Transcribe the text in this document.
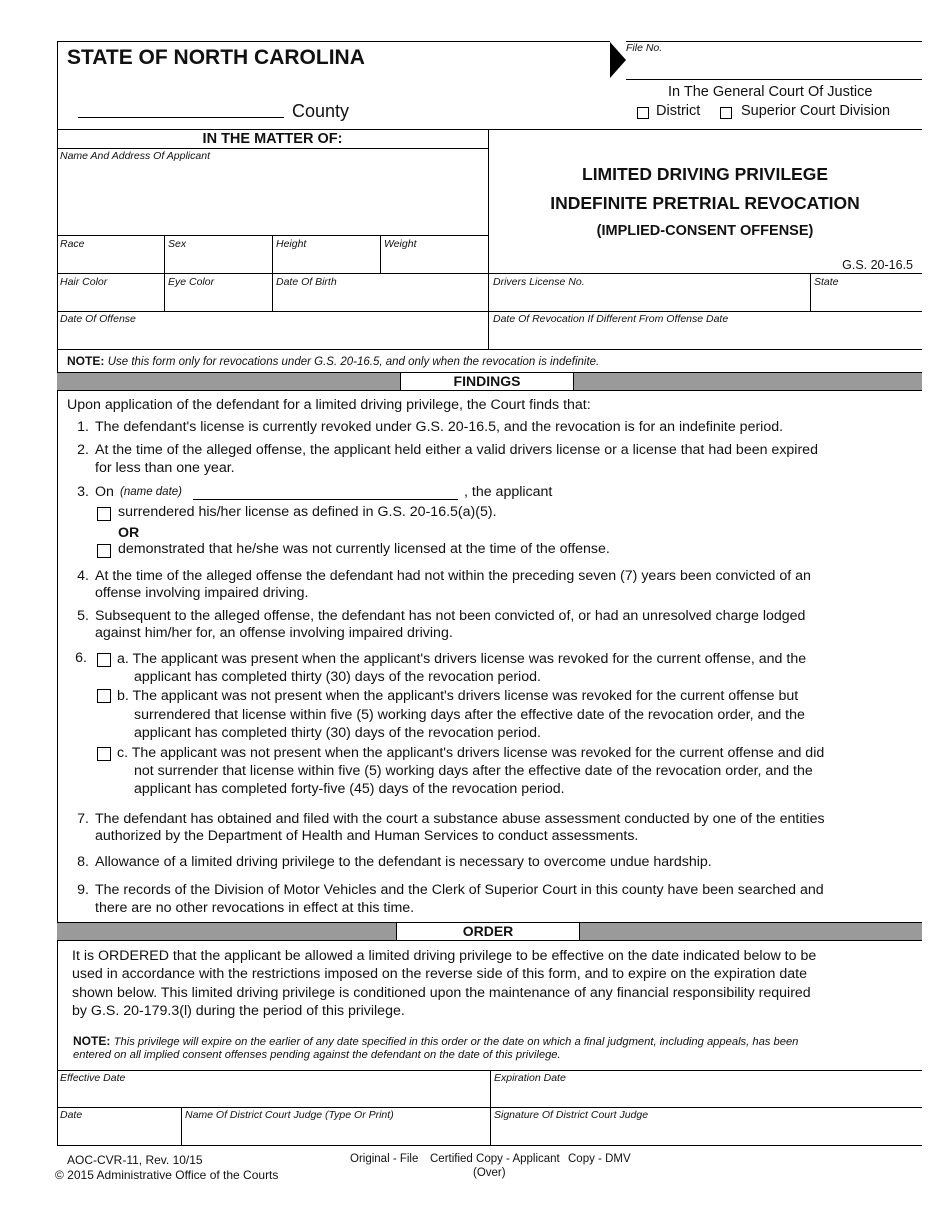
STATE OF NORTH CAROLINA	File No.
County
In The General Court Of Justice
District	Superior Court Division
IN THE MATTER OF:
Name And Address Of Applicant
Race	Sex	Height	Weight
Hair Color	Eye Color	Date Of Birth
Date Of Offense
LIMITED DRIVING PRIVILEGE
INDEFINITE PRETRIAL REVOCATION
(IMPLIED-CONSENT OFFENSE)
G.S. 20-16.5
Drivers License No.	State
Date Of Revocation If Different From Offense Date
NOTE: Use this form only for revocations under G.S. 20-16.5, and only when the revocation is indefinite.
FINDINGS
Upon application of the defendant for a limited driving privilege, the Court finds that:
1. The defendant's license is currently revoked under G.S. 20-16.5, and the revocation is for an indefinite period.
2. At the time of the alleged offense, the applicant held either a valid drivers license or a license that had been expired
for less than one year.
3. On (name date)	, the applicant
surrendered his/her license as defined in G.S. 20-16.5(a)(5).
OR
demonstrated that he/she was not currently licensed at the time of the offense.
4. At the time of the alleged offense the defendant had not within the preceding seven (7) years been convicted of an
offense involving impaired driving.
5. Subsequent to the alleged offense, the defendant has not been convicted of, or had an unresolved charge lodged
against him/her for, an offense involving impaired driving.
6. a. The applicant was present when the applicant's drivers license was revoked for the current offense, and the
applicant has completed thirty (30) days of the revocation period.
b. The applicant was not present when the applicant's drivers license was revoked for the current offense but
surrendered that license within five (5) working days after the effective date of the revocation order, and the
applicant has completed thirty (30) days of the revocation period.
c. The applicant was not present when the applicant's drivers license was revoked for the current offense and did
not surrender that license within five (5) working days after the effective date of the revocation order, and the
applicant has completed forty-five (45) days of the revocation period.
7. The defendant has obtained and filed with the court a substance abuse assessment conducted by one of the entities
authorized by the Department of Health and Human Services to conduct assessments.
8. Allowance of a limited driving privilege to the defendant is necessary to overcome undue hardship.
9. The records of the Division of Motor Vehicles and the Clerk of Superior Court in this county have been searched and
there are no other revocations in effect at this time.
ORDER
It is ORDERED that the applicant be allowed a limited driving privilege to be effective on the date indicated below to be
used in accordance with the restrictions imposed on the reverse side of this form, and to expire on the expiration date
shown below. This limited driving privilege is conditioned upon the maintenance of any financial responsibility required
by G.S. 20-179.3(l) during the period of this privilege.
NOTE: This privilege will expire on the earlier of any date specified in this order or the date on which a final judgment, including appeals, has been
entered on all implied consent offenses pending against the defendant on the date of this privilege.
Effective Date	Expiration Date
Date	Name Of District Court Judge (Type Or Print)	Signature Of District Court Judge
AOC-CVR-11, Rev. 10/15
© 2015 Administrative Office of the Courts
Original - File Certified Copy - Applicant Copy - DMV
(Over)
